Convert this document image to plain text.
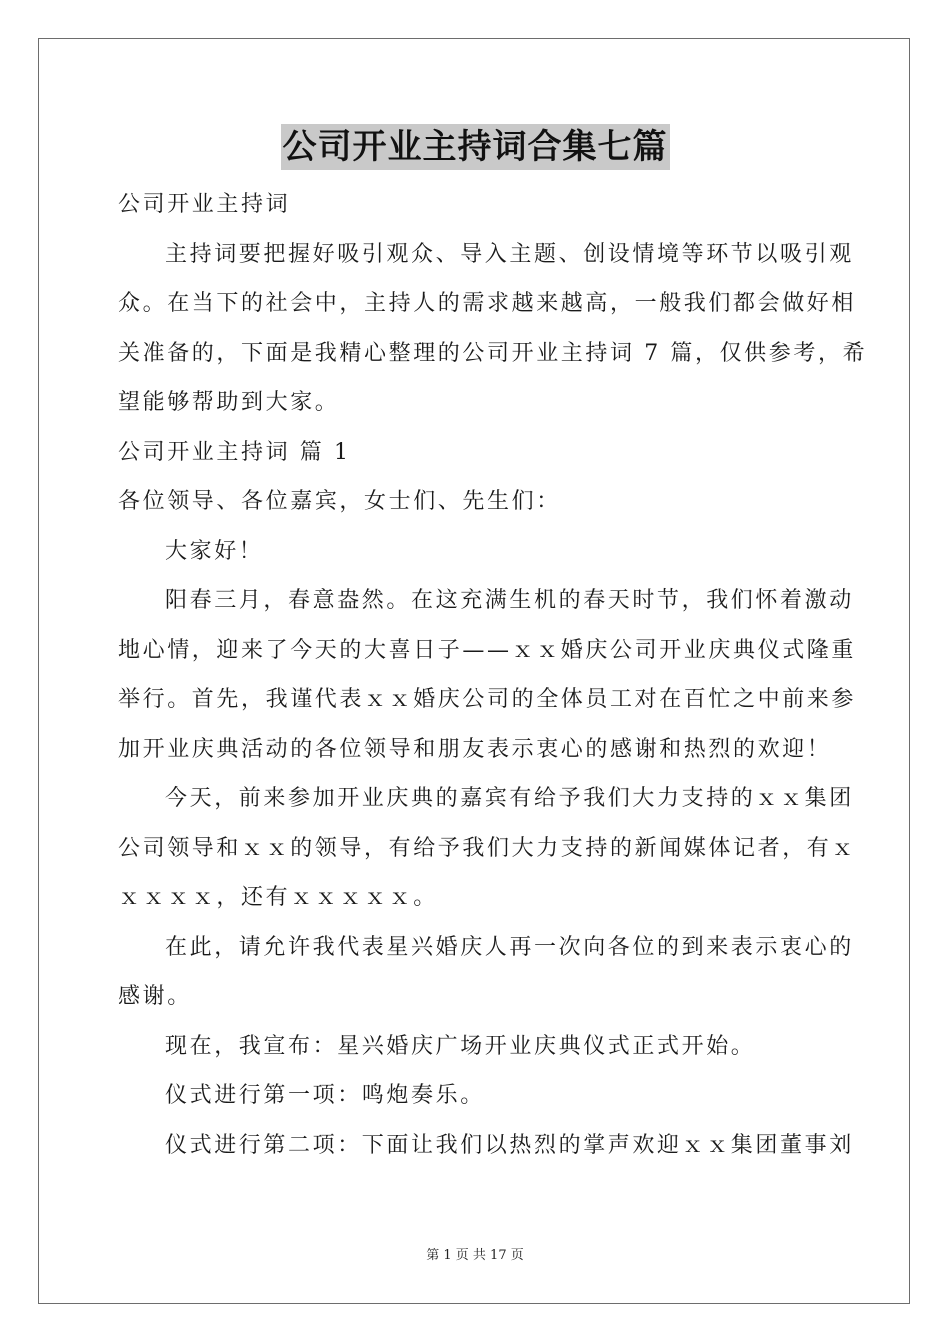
公司开业主持词合集七篇
公司开业主持词
主持词要把握好吸引观众、导入主题、创设情境等环节以吸引观
众。在当下的社会中，主持人的需求越来越高，一般我们都会做好相
关准备的，下面是我精心整理的公司开业主持词 7 篇，仅供参考，希
望能够帮助到大家。
公司开业主持词 篇 1
各位领导、各位嘉宾，女士们、先生们：
大家好！
阳春三月，春意盎然。在这充满生机的春天时节，我们怀着激动
地心情，迎来了今天的大喜日子——ｘｘ婚庆公司开业庆典仪式隆重
举行。首先，我谨代表ｘｘ婚庆公司的全体员工对在百忙之中前来参
加开业庆典活动的各位领导和朋友表示衷心的感谢和热烈的欢迎！
今天，前来参加开业庆典的嘉宾有给予我们大力支持的ｘｘ集团
公司领导和ｘｘ的领导，有给予我们大力支持的新闻媒体记者，有ｘ
ｘｘｘｘ，还有ｘｘｘｘｘ。
在此，请允许我代表星兴婚庆人再一次向各位的到来表示衷心的
感谢。
现在，我宣布：星兴婚庆广场开业庆典仪式正式开始。
仪式进行第一项：鸣炮奏乐。
仪式进行第二项：下面让我们以热烈的掌声欢迎ｘｘ集团董事刘
第 1 页 共 17 页
